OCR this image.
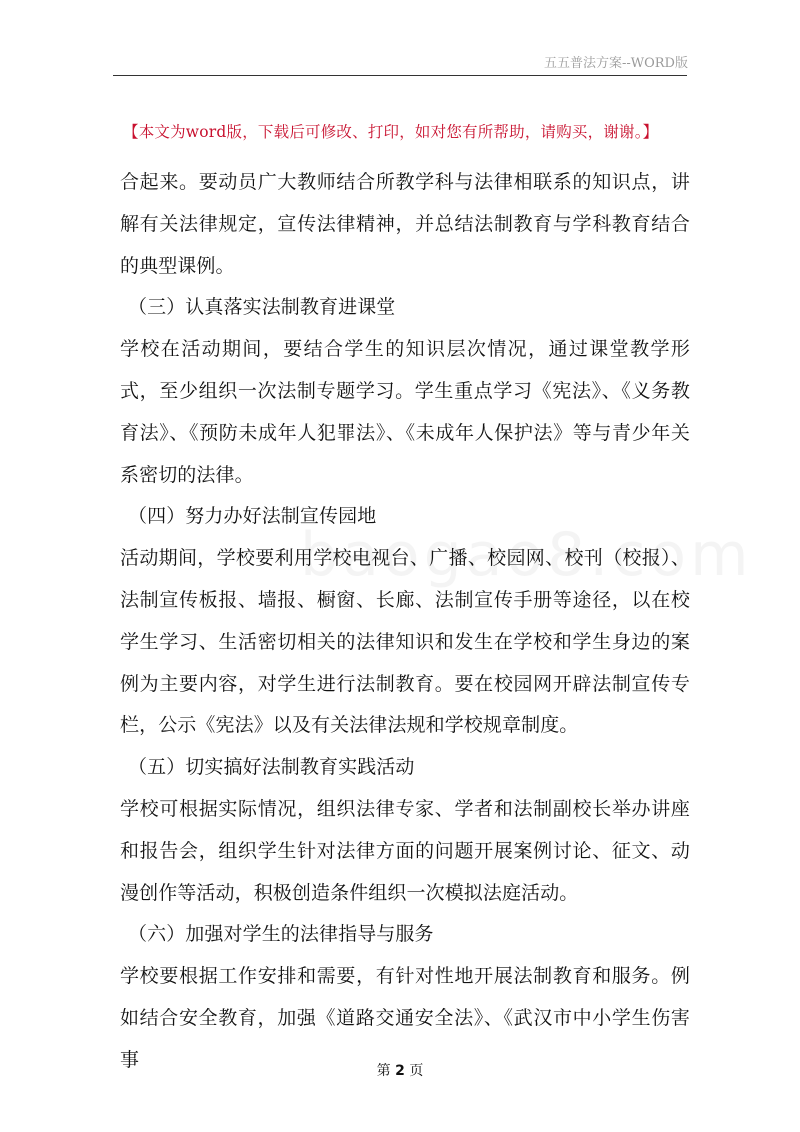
五五普法方案--WORD版
【本文为word版，下载后可修改、打印，如对您有所帮助，请购买，谢谢。】

合起来。要动员广大教师结合所教学科与法律相联系的知识点，讲解有关法律规定，宣传法律精神，并总结法制教育与学科教育结合的典型课例。

（三）认真落实法制教育进课堂

学校在活动期间，要结合学生的知识层次情况，通过课堂教学形式，至少组织一次法制专题学习。学生重点学习《宪法》、《义务教育法》、《预防未成年人犯罪法》、《未成年人保护法》等与青少年关系密切的法律。

（四）努力办好法制宣传园地

活动期间，学校要利用学校电视台、广播、校园网、校刊（校报）、法制宣传板报、墙报、橱窗、长廊、法制宣传手册等途径，以在校学生学习、生活密切相关的法律知识和发生在学校和学生身边的案例为主要内容，对学生进行法制教育。要在校园网开辟法制宣传专栏，公示《宪法》以及有关法律法规和学校规章制度。

（五）切实搞好法制教育实践活动

学校可根据实际情况，组织法律专家、学者和法制副校长举办讲座和报告会，组织学生针对法律方面的问题开展案例讨论、征文、动漫创作等活动，积极创造条件组织一次模拟法庭活动。

（六）加强对学生的法律指导与服务

学校要根据工作安排和需要，有针对性地开展法制教育和服务。例如结合安全教育，加强《道路交通安全法》、《武汉市中小学生伤害事

第 2 页
